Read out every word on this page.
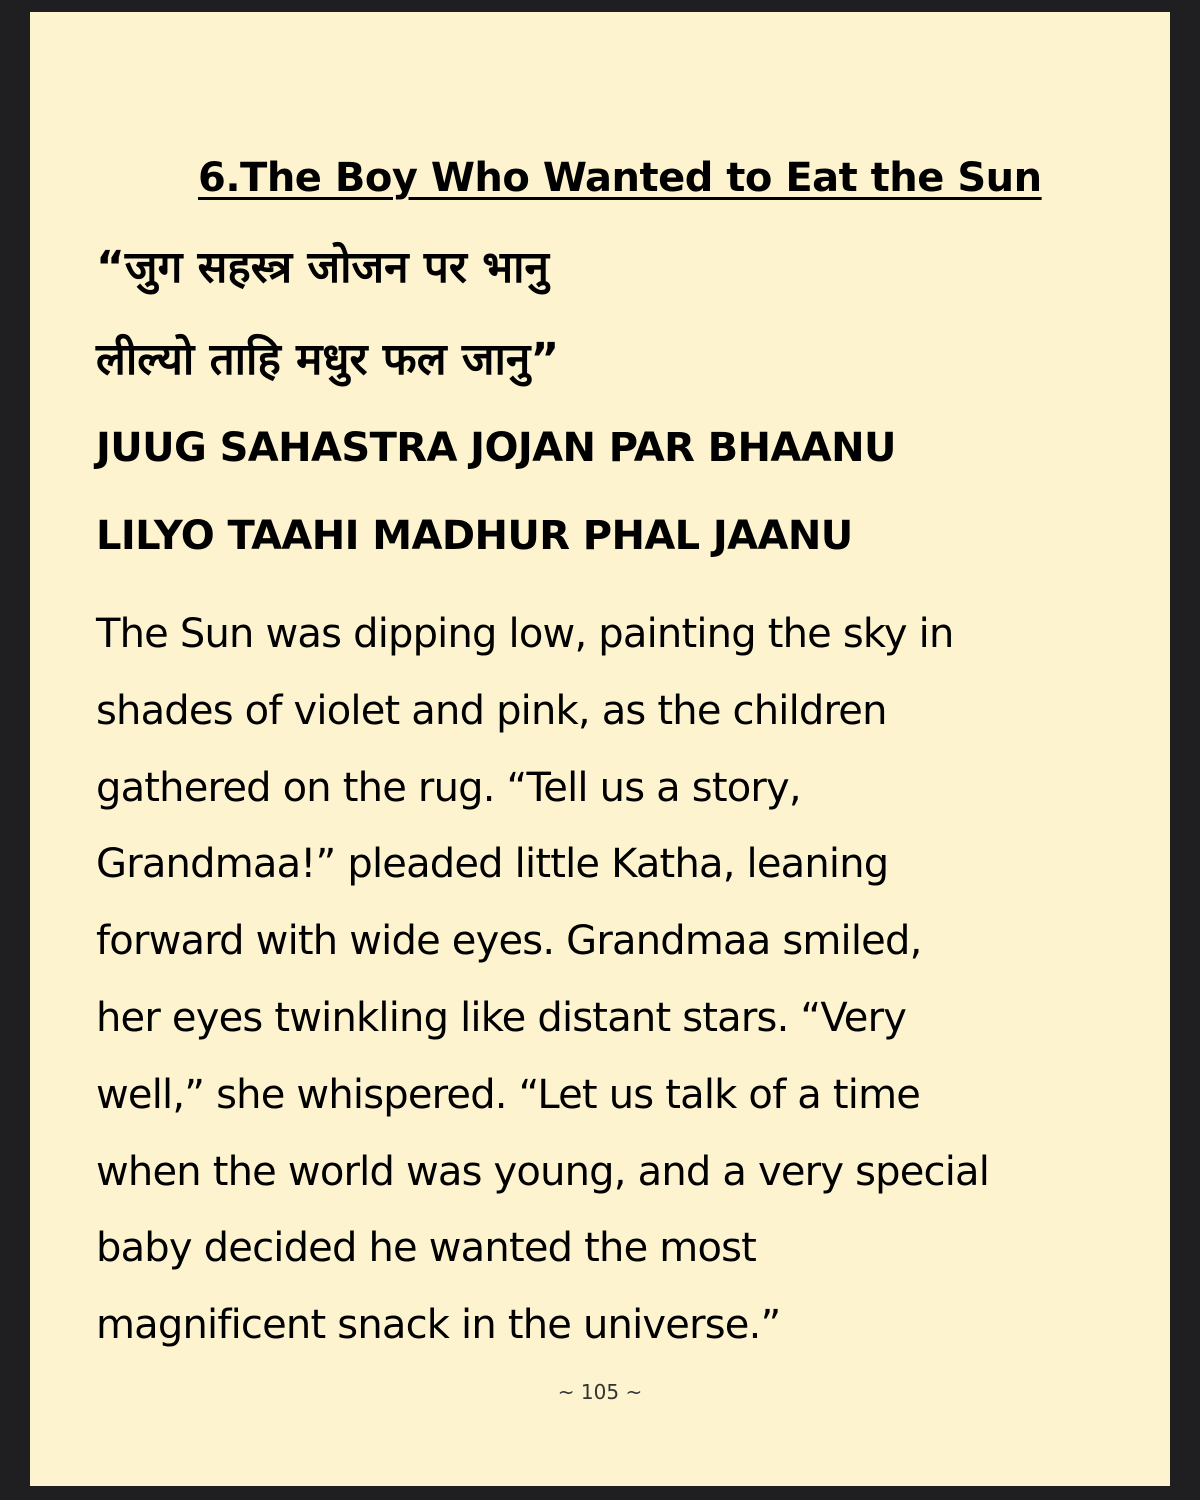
6.The Boy Who Wanted to Eat the Sun

“जुग सहस्त्र जोजन पर भानु

लील्यो ताहि मधुर फल जानु”

JUUG SAHASTRA JOJAN PAR BHAANU

LILYO TAAHI MADHUR PHAL JAANU

The Sun was dipping low, painting the sky in
shades of violet and pink, as the children
gathered on the rug. “Tell us a story,
Grandmaa!” pleaded little Katha, leaning
forward with wide eyes. Grandmaa smiled,
her eyes twinkling like distant stars. “Very
well,” she whispered. “Let us talk of a time
when the world was young, and a very special
baby decided he wanted the most
magnificent snack in the universe.”

~ 105 ~
